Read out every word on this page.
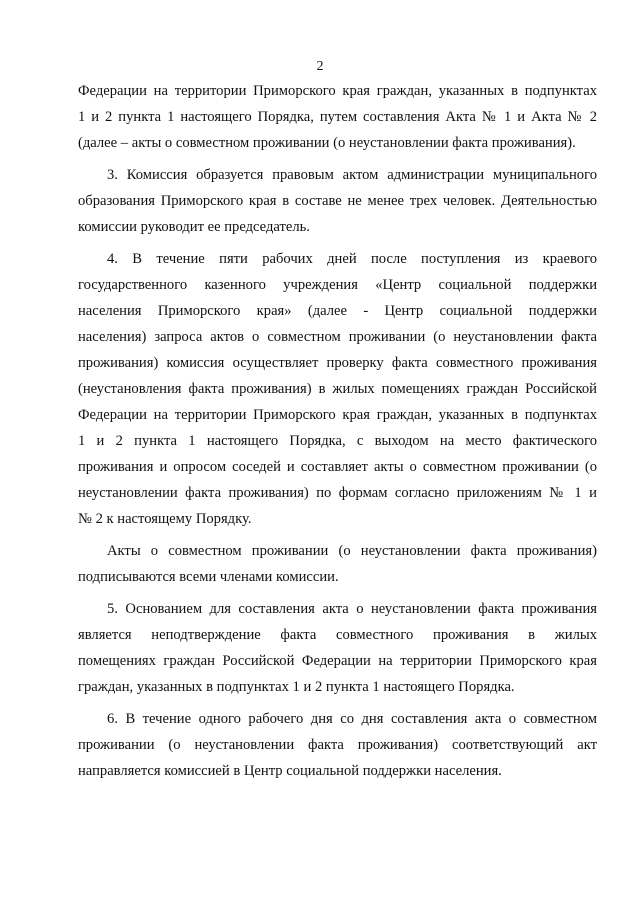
2
Федерации на территории Приморского края граждан, указанных в подпунктах
1 и 2 пункта 1 настоящего Порядка, путем составления Акта № 1 и Акта № 2
(далее – акты о совместном проживании (о неустановлении факта проживания).
3. Комиссия образуется правовым актом администрации муниципального
образования Приморского края в составе не менее трех человек. Деятельностью
комиссии руководит ее председатель.
4. В течение пяти рабочих дней после поступления из краевого
государственного казенного учреждения «Центр социальной поддержки
населения Приморского края» (далее - Центр социальной поддержки
населения) запроса актов о совместном проживании (о неустановлении факта
проживания) комиссия осуществляет проверку факта совместного проживания
(неустановления факта проживания) в жилых помещениях граждан Российской
Федерации на территории Приморского края граждан, указанных в подпунктах
1 и 2 пункта 1 настоящего Порядка, с выходом на место фактического
проживания и опросом соседей и составляет акты о совместном проживании (о
неустановлении факта проживания) по формам согласно приложениям № 1 и
№ 2 к настоящему Порядку.
Акты о совместном проживании (о неустановлении факта проживания)
подписываются всеми членами комиссии.
5. Основанием для составления акта о неустановлении факта проживания
является неподтверждение факта совместного проживания в жилых
помещениях граждан Российской Федерации на территории Приморского края
граждан, указанных в подпунктах 1 и 2 пункта 1 настоящего Порядка.
6. В течение одного рабочего дня со дня составления акта о совместном
проживании (о неустановлении факта проживания) соответствующий акт
направляется комиссией в Центр социальной поддержки населения.
